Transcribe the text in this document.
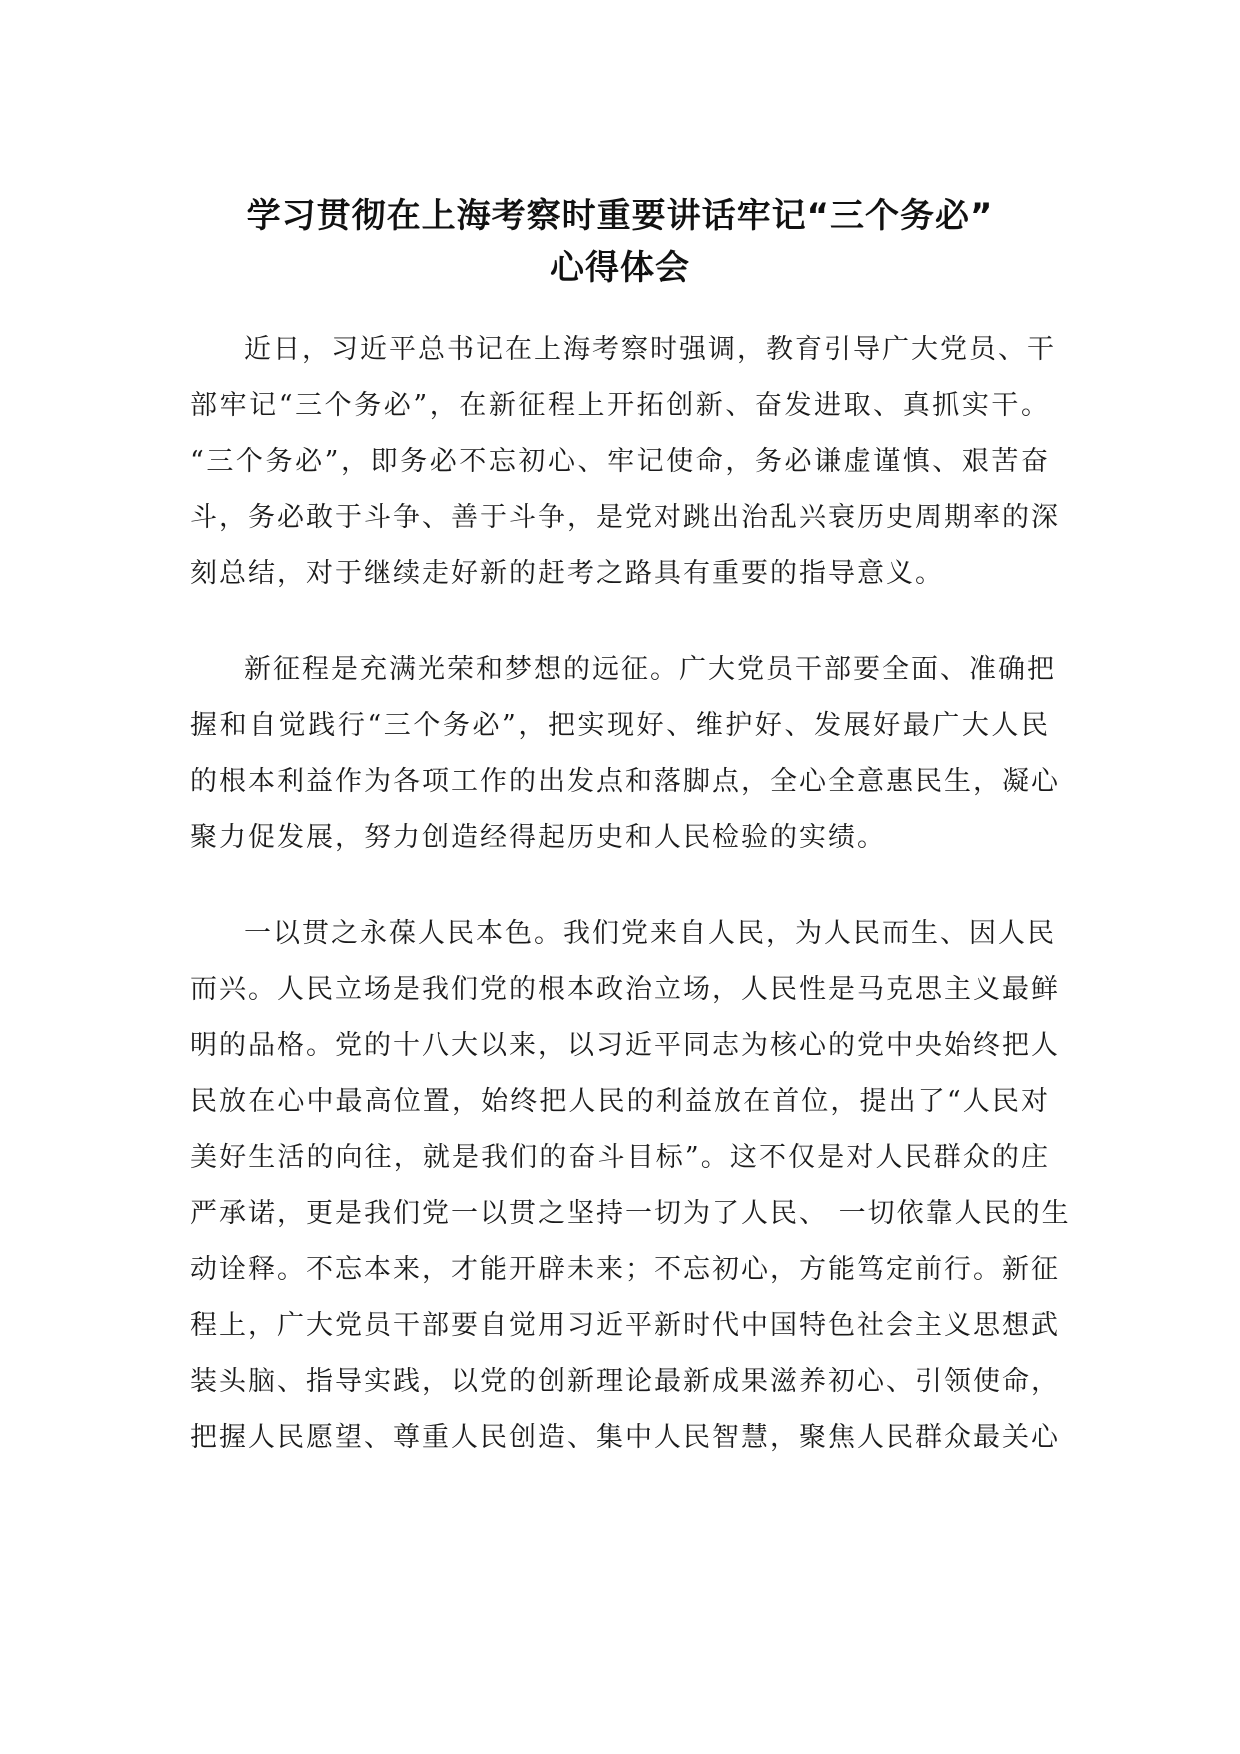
学习贯彻在上海考察时重要讲话牢记“三个务必”
心得体会
近日，习近平总书记在上海考察时强调，教育引导广大党员、干
部牢记“三个务必”，在新征程上开拓创新、奋发进取、真抓实干。
“三个务必”，即务必不忘初心、牢记使命，务必谦虚谨慎、艰苦奋
斗，务必敢于斗争、善于斗争，是党对跳出治乱兴衰历史周期率的深
刻总结，对于继续走好新的赶考之路具有重要的指导意义。
新征程是充满光荣和梦想的远征。广大党员干部要全面、准确把
握和自觉践行“三个务必”，把实现好、维护好、发展好最广大人民
的根本利益作为各项工作的出发点和落脚点，全心全意惠民生，凝心
聚力促发展，努力创造经得起历史和人民检验的实绩。
一以贯之永葆人民本色。我们党来自人民，为人民而生、因人民
而兴。人民立场是我们党的根本政治立场，人民性是马克思主义最鲜
明的品格。党的十八大以来，以习近平同志为核心的党中央始终把人
民放在心中最高位置，始终把人民的利益放在首位，提出了“人民对
美好生活的向往，就是我们的奋斗目标”。这不仅是对人民群众的庄
严承诺，更是我们党一以贯之坚持一切为了人民、 一切依靠人民的生
动诠释。不忘本来，才能开辟未来；不忘初心，方能笃定前行。新征
程上，广大党员干部要自觉用习近平新时代中国特色社会主义思想武
装头脑、指导实践，以党的创新理论最新成果滋养初心、引领使命，
把握人民愿望、尊重人民创造、集中人民智慧，聚焦人民群众最关心
